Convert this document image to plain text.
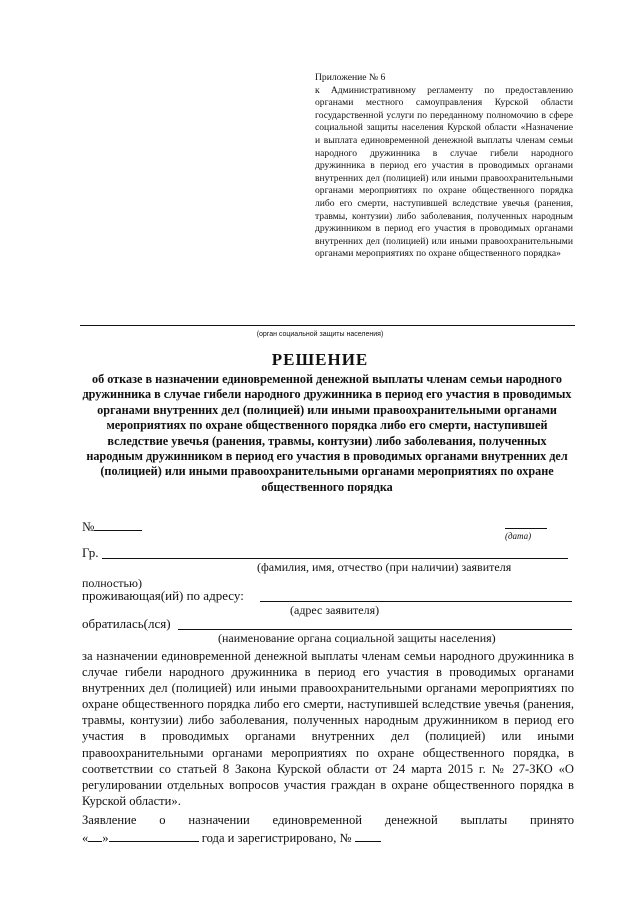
Приложение № 6
к Административному регламенту по предоставлению органами местного самоуправления Курской области государственной услуги по переданному полномочию в сфере социальной защиты населения Курской области «Назначение и выплата единовременной денежной выплаты членам семьи народного дружинника в случае гибели народного дружинника в период его участия в проводимых органами внутренних дел (полицией) или иными правоохранительными органами мероприятиях по охране общественного порядка либо его смерти, наступившей вследствие увечья (ранения, травмы, контузии) либо заболевания, полученных народным дружинником в период его участия в проводимых органами внутренних дел (полицией) или иными правоохранительными органами мероприятиях по охране общественного порядка»
(орган социальной защиты населения)
РЕШЕНИЕ
об отказе в назначении единовременной денежной выплаты членам семьи народного дружинника в случае гибели народного дружинника в период его участия в проводимых органами внутренних дел (полицией) или иными правоохранительными органами мероприятиях по охране общественного порядка либо его смерти, наступившей вследствие увечья (ранения, травмы, контузии) либо заболевания, полученных народным дружинником в период его участия в проводимых органами внутренних дел (полицией) или иными правоохранительными органами мероприятиях по охране общественного порядка
№
(дата)
Гр.
(фамилия, имя, отчество (при наличии) заявителя
полностью)
проживающая(ий) по адресу:
(адрес заявителя)
обратилась(лся)
(наименование органа социальной защиты населения)
за назначении единовременной денежной выплаты членам семьи народного дружинника в случае гибели народного дружинника в период его участия в проводимых органами внутренних дел (полицией) или иными правоохранительными органами мероприятиях по охране общественного порядка либо его смерти, наступившей вследствие увечья (ранения, травмы, контузии) либо заболевания, полученных народным дружинником в период его участия в проводимых органами внутренних дел (полицией) или иными правоохранительными органами мероприятиях по охране общественного порядка, в соответствии со статьей 8 Закона Курской области от 24 марта 2015 г. № 27-ЗКО «О регулировании отдельных вопросов участия граждан в охране общественного порядка в Курской области».
Заявление о назначении единовременной денежной выплаты принято
« »	года и зарегистрировано, №
